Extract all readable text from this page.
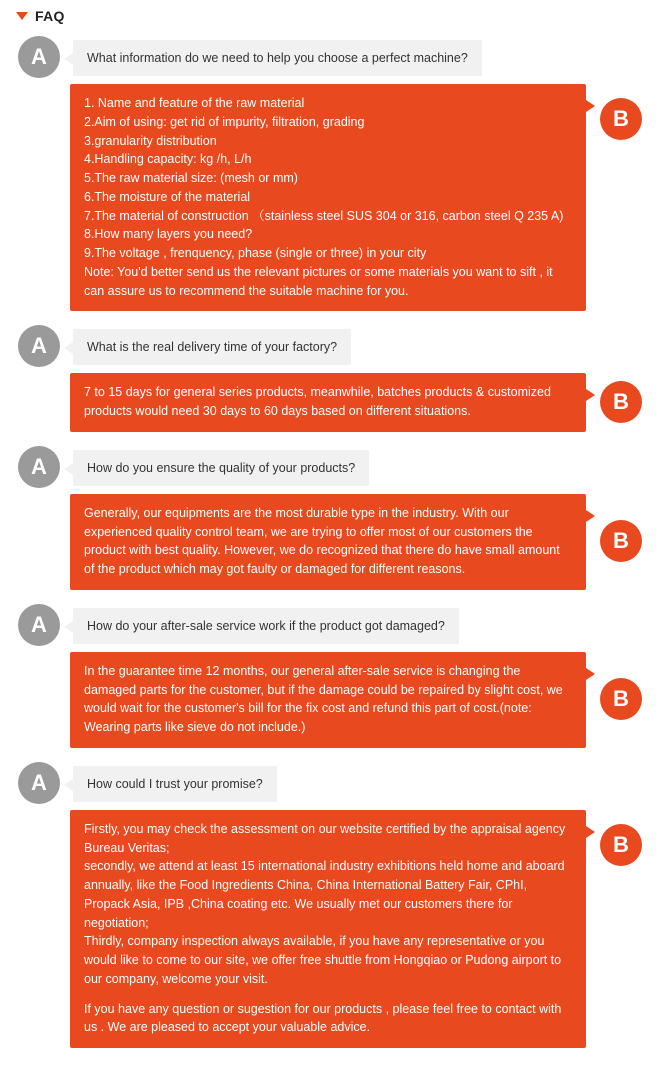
FAQ
A	What information do we need to help you choose a perfect machine?
1. Name and feature of the raw material
2.Aim of using: get rid of impurity, filtration, grading
3.granularity distribution
4.Handling capacity: kg /h, L/h
5.The raw material size: (mesh or mm)
6.The moisture of the material
7.The material of construction （stainless steel SUS 304 or 316, carbon steel Q 235 A)
8.How many layers you need?
9.The voltage , frenquency, phase (single or three) in your city
Note: You'd better send us the relevant pictures or some materials you want to sift , it can assure us to recommend the suitable machine for you.
B
A	What is the real delivery time of your factory?
7 to 15 days for general series products, meanwhile, batches products & customized products would need 30 days to 60 days based on different situations.	B
A	How do you ensure the quality of your products?
Generally, our equipments are the most durable type in the industry. With our experienced quality control team, we are trying to offer most of our customers the product with best quality. However, we do recognized that there do have small amount of the product which may got faulty or damaged for different reasons.
B
A	How do your after-sale service work if the product got damaged?
In the guarantee time 12 months, our general after-sale service is changing the damaged parts for the customer, but if the damage could be repaired by slight cost, we would wait for the customer's bill for the fix cost and refund this part of cost.(note: Wearing parts like sieve do not include.)
B
A	How could I trust your promise?
Firstly, you may check the assessment on our website certified by the appraisal agency Bureau Veritas;
secondly, we attend at least 15 international industry exhibitions held home and aboard annually, like the Food Ingredients China, China International Battery Fair, CPhI, Propack Asia, IPB ,China coating etc. We usually met our customers there for negotiation;
Thirdly, company inspection always available, if you have any representative or you would like to come to our site, we offer free shuttle from Hongqiao or Pudong airport to our company, welcome your visit.
If you have any question or sugestion for our products , please feel free to contact with us . We are pleased to accept your valuable advice.
B
